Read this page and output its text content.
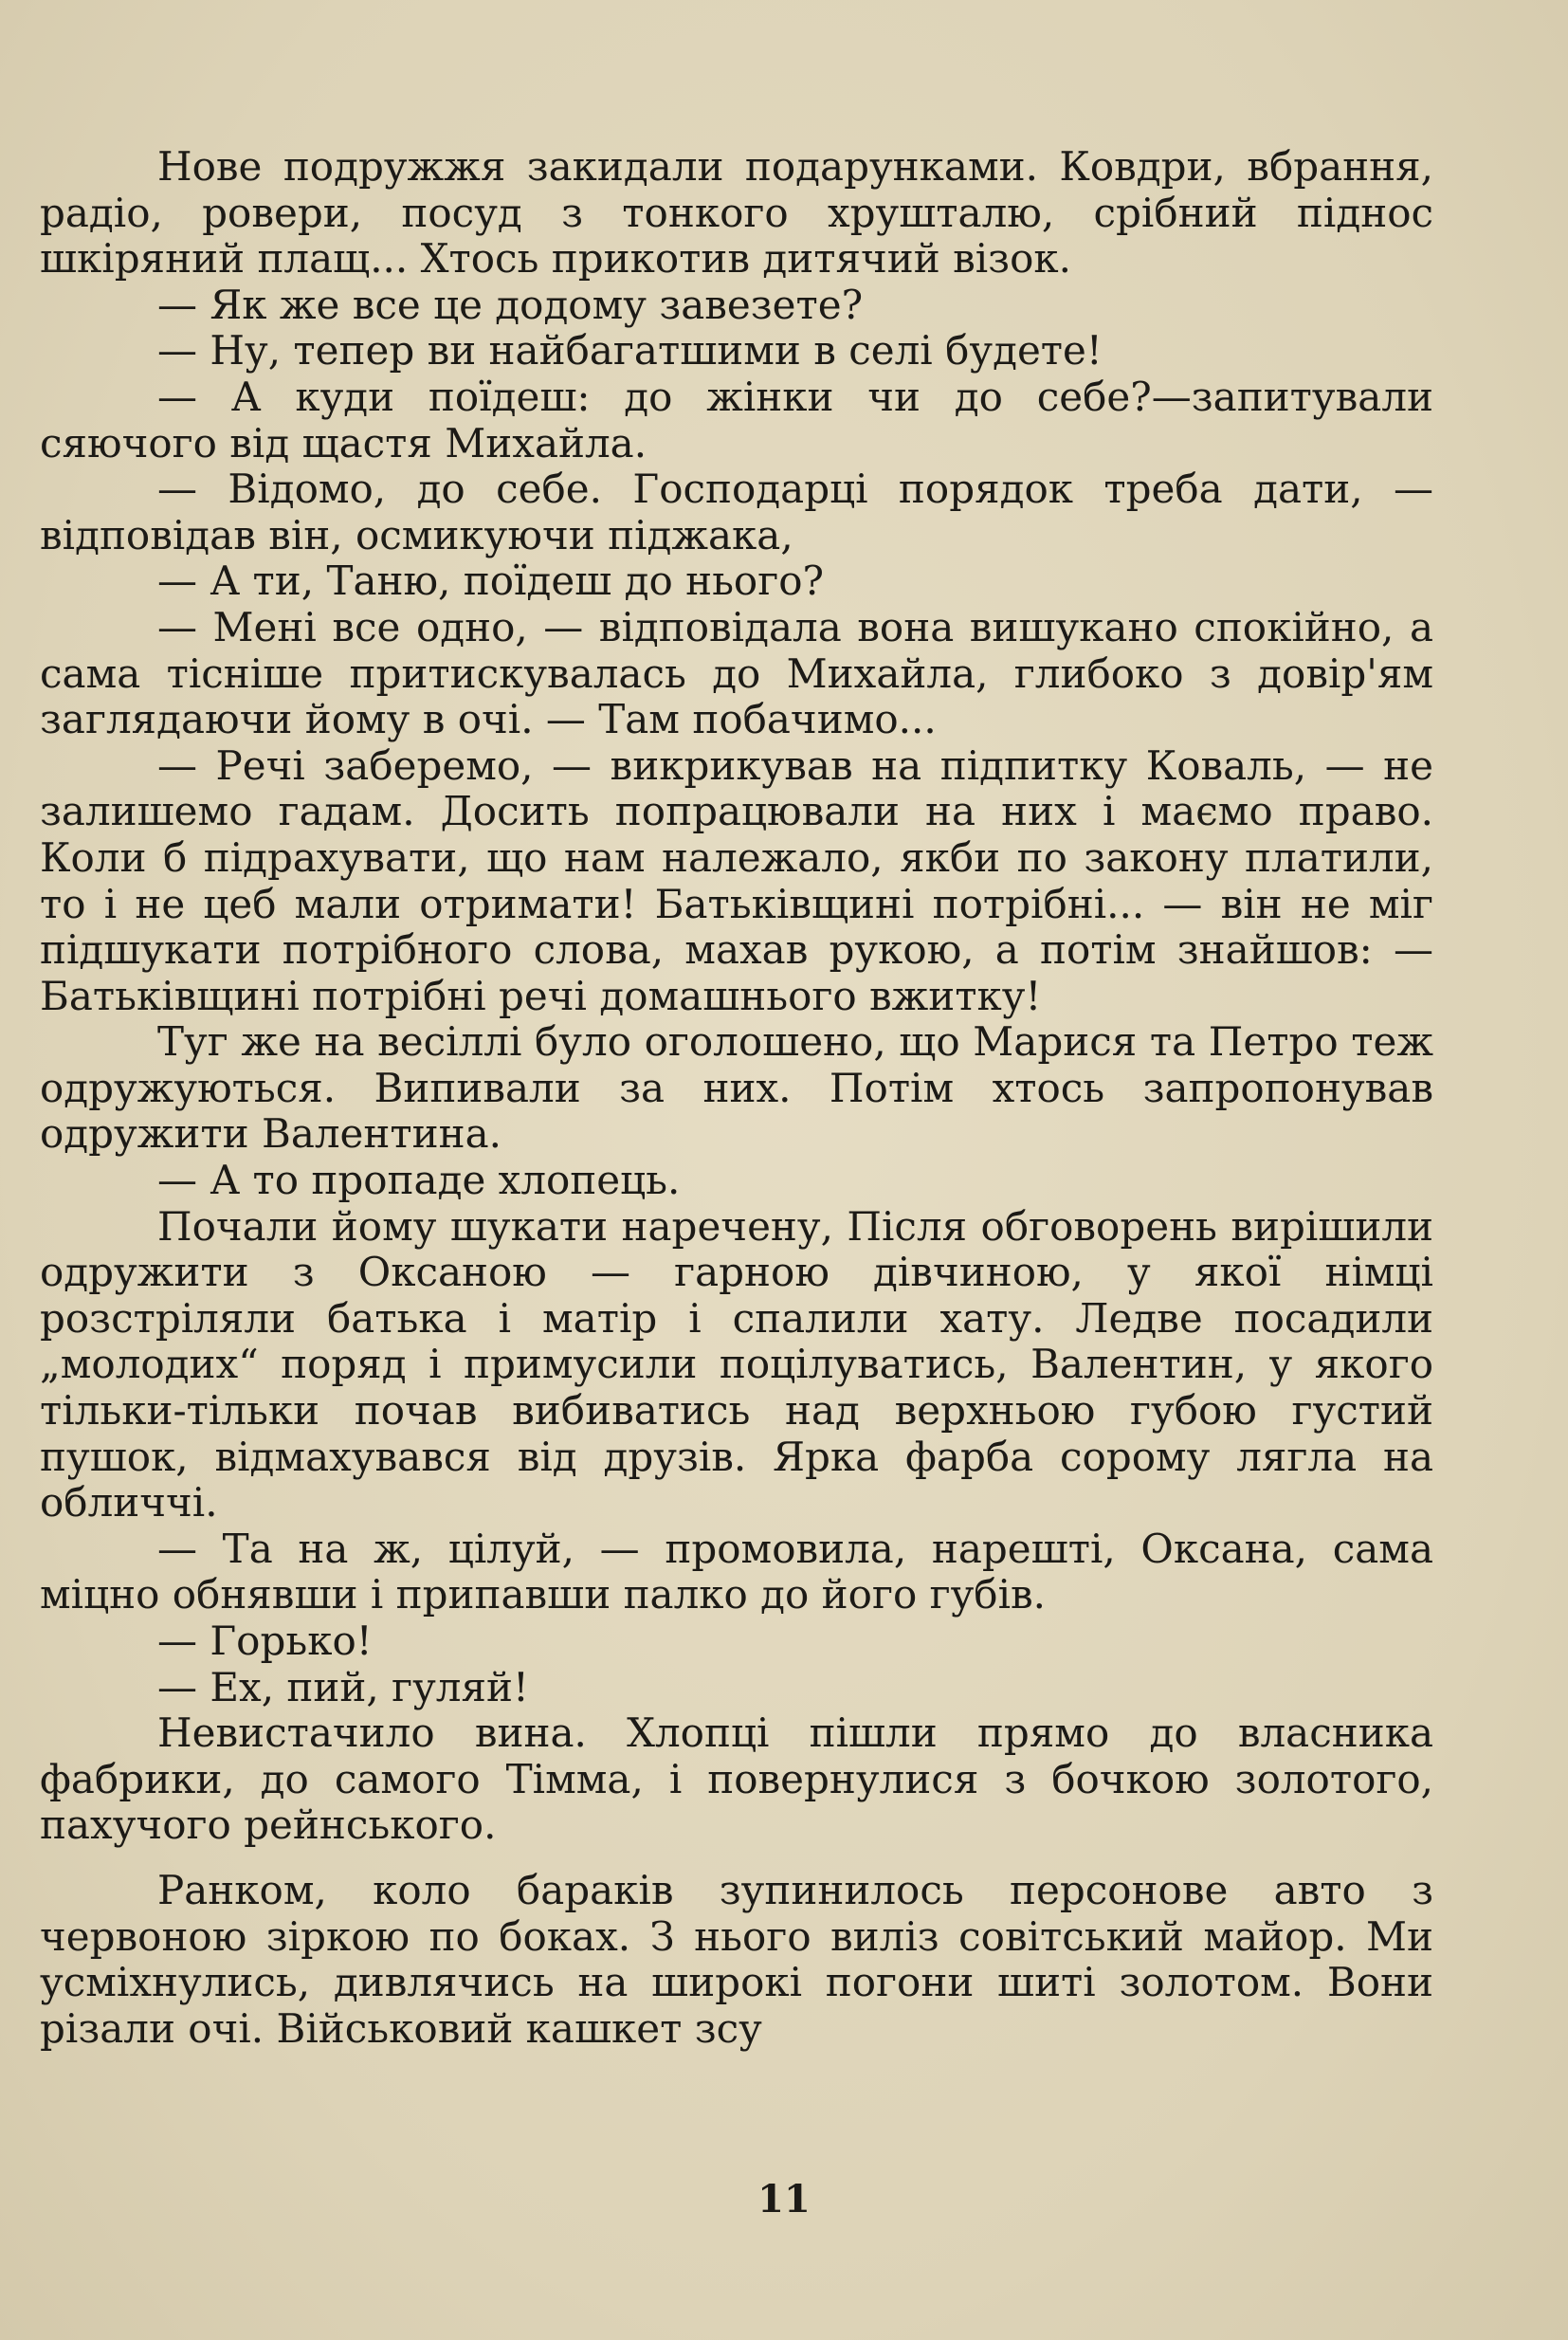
Нове подружжя закидали подарунками. Ковдри, вбрання, радіо, ровери, посуд з тонкого хрушталю, срібний піднос шкіряний плащ... Хтось прикотив дитячий візок.

— Як же все це додому завезете?

— Ну, тепер ви найбагатшими в селі будете!

— А куди поїдеш: до жінки чи до себе?—запитували сяючого від щастя Михайла.

— Відомо, до себе. Господарці порядок треба дати, —відповідав він, осмикуючи піджака,

— А ти, Таню, поїдеш до нього?

— Мені все одно, — відповідала вона вишукано спокійно, а сама тісніше притискувалась до Михайла, глибоко з довір'ям заглядаючи йому в очі. — Там побачимо...

— Речі заберемо, — викрикував на підпитку Коваль, — не залишемо гадам. Досить попрацювали на них і маємо право. Коли б підрахувати, що нам належало, якби по закону платили, то і не цеб мали отримати! Батьківщині потрібні... — він не міг підшукати потрібного слова, махав рукою, а потім знайшов: — Батьківщині потрібні речі домашнього вжитку!

Туг же на весіллі було оголошено, що Марися та Петро теж одружуються. Випивали за них. Потім хтось запропонував одружити Валентина.

— А то пропаде хлопець.

Почали йому шукати наречену, Після обговорень вирішили одружити з Оксаною — гарною дівчиною, у якої німці розстріляли батька і матір і спалили хату. Ледве посадили „молодих“ поряд і примусили поцілуватись, Валентин, у якого тільки-тільки почав вибиватись над верхньою губою густий пушок, відмахувався від друзів. Ярка фарба сорому лягла на обличчі.

— Та на ж, цілуй, — промовила, нарешті, Оксана, сама міцно обнявши і припавши палко до його губів.

— Горько!

— Ех, пий, гуляй!

Невистачило вина. Хлопці пішли прямо до власника фабрики, до самого Тімма, і повернулися з бочкою золотого, пахучого рейнського.

Ранком, коло бараків зупинилось персонове авто з червоною зіркою по боках. З нього виліз совітський майор. Ми усміхнулись, дивлячись на широкі погони шиті золотом. Вони різали очі. Військовий кашкет зсу

11
